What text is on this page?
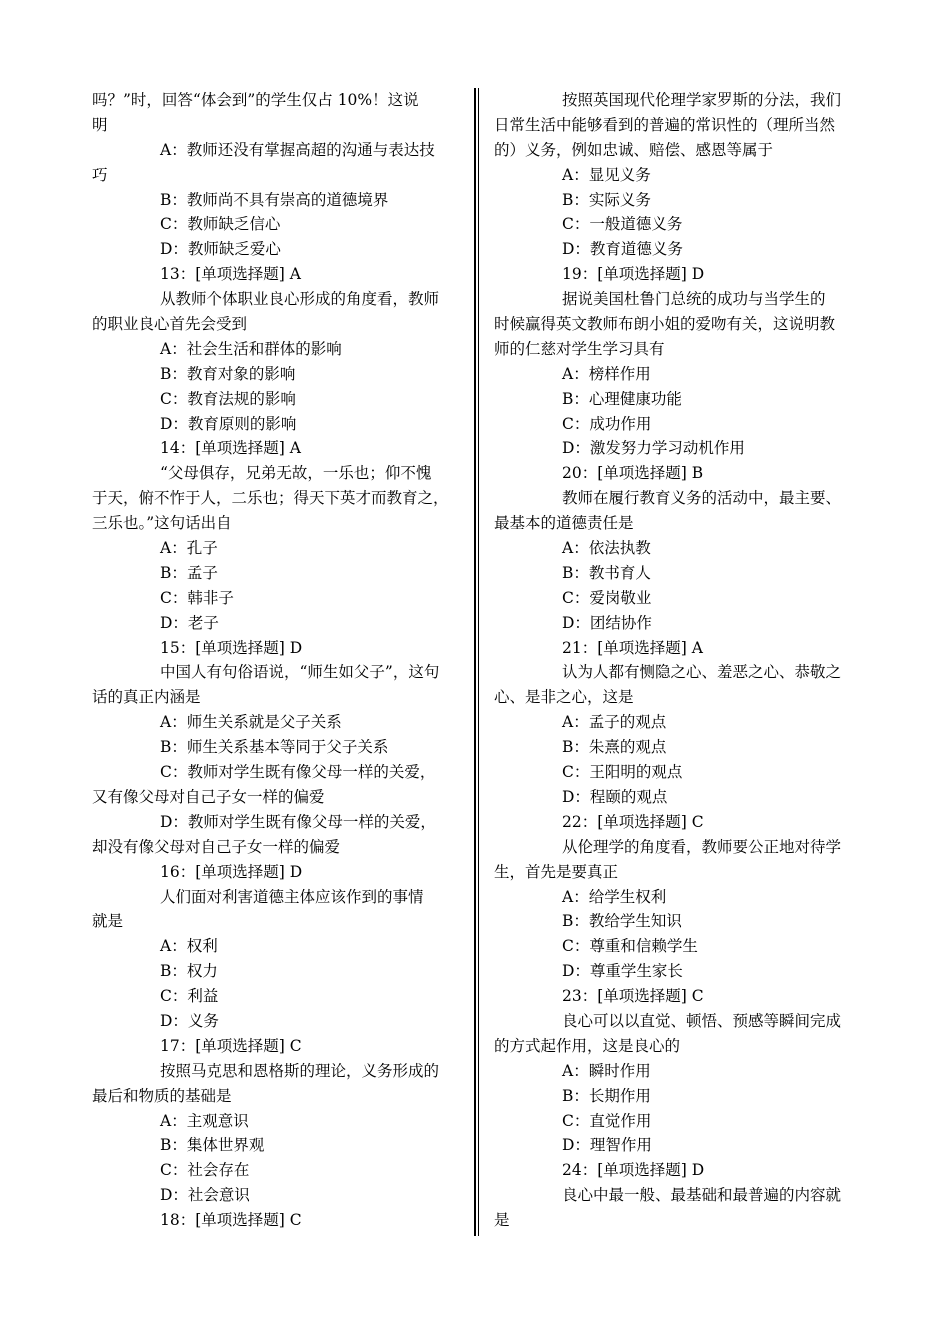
吗？”时，回答“体会到”的学生仅占 10%！这说
明
A：教师还没有掌握高超的沟通与表达技
巧
B：教师尚不具有崇高的道德境界
C：教师缺乏信心
D：教师缺乏爱心
13：[单项选择题] A
从教师个体职业良心形成的角度看，教师
的职业良心首先会受到
A：社会生活和群体的影响
B：教育对象的影响
C：教育法规的影响
D：教育原则的影响
14：[单项选择题] A
“父母俱存，兄弟无故，一乐也；仰不愧
于天，俯不怍于人，二乐也；得天下英才而教育之，
三乐也。”这句话出自
A：孔子
B：孟子
C：韩非子
D：老子
15：[单项选择题] D
中国人有句俗语说，“师生如父子”，这句
话的真正内涵是
A：师生关系就是父子关系
B：师生关系基本等同于父子关系
C：教师对学生既有像父母一样的关爱，
又有像父母对自己子女一样的偏爱
D：教师对学生既有像父母一样的关爱，
却没有像父母对自己子女一样的偏爱
16：[单项选择题] D
人们面对利害道德主体应该作到的事情
就是
A：权利
B：权力
C：利益
D：义务
17：[单项选择题] C
按照马克思和恩格斯的理论，义务形成的
最后和物质的基础是
A：主观意识
B：集体世界观
C：社会存在
D：社会意识
18：[单项选择题] C
按照英国现代伦理学家罗斯的分法，我们
日常生活中能够看到的普遍的常识性的（理所当然
的）义务，例如忠诚、赔偿、感恩等属于
A：显见义务
B：实际义务
C：一般道德义务
D：教育道德义务
19：[单项选择题] D
据说美国杜鲁门总统的成功与当学生的
时候赢得英文教师布朗小姐的爱吻有关，这说明教
师的仁慈对学生学习具有
A：榜样作用
B：心理健康功能
C：成功作用
D：激发努力学习动机作用
20：[单项选择题] B
教师在履行教育义务的活动中，最主要、
最基本的道德责任是
A：依法执教
B：教书育人
C：爱岗敬业
D：团结协作
21：[单项选择题] A
认为人都有恻隐之心、羞恶之心、恭敬之
心、是非之心，这是
A：孟子的观点
B：朱熹的观点
C：王阳明的观点
D：程颐的观点
22：[单项选择题] C
从伦理学的角度看，教师要公正地对待学
生，首先是要真正
A：给学生权利
B：教给学生知识
C：尊重和信赖学生
D：尊重学生家长
23：[单项选择题] C
良心可以以直觉、顿悟、预感等瞬间完成
的方式起作用，这是良心的
A：瞬时作用
B：长期作用
C：直觉作用
D：理智作用
24：[单项选择题] D
良心中最一般、最基础和最普遍的内容就
是
